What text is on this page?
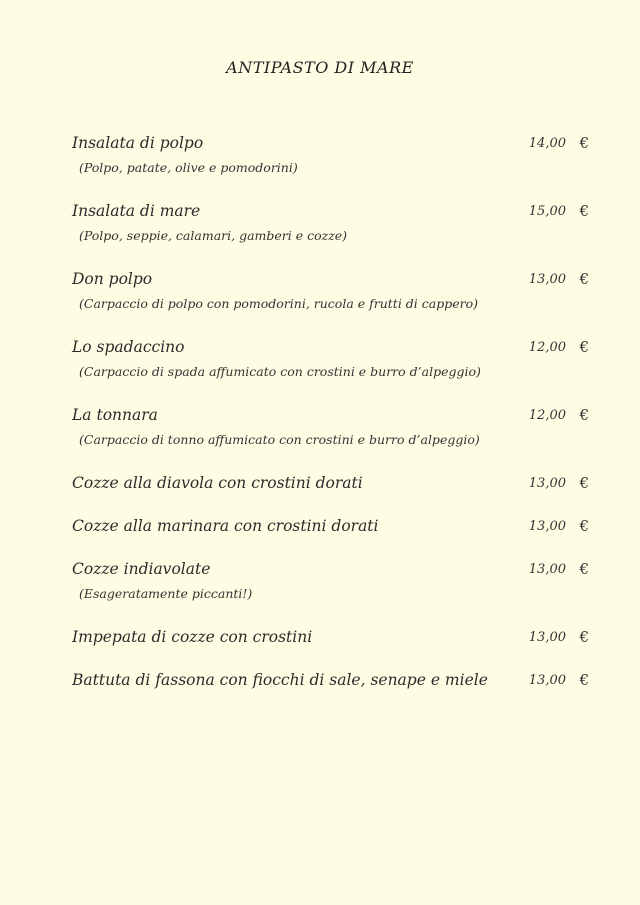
ANTIPASTO DI MARE
Insalata di polpo
(Polpo, patate, olive e pomodorini)
14,00 €
Insalata di mare
(Polpo, seppie, calamari, gamberi e cozze)
15,00 €
Don polpo
(Carpaccio di polpo con pomodorini, rucola e frutti di cappero)
13,00 €
Lo spadaccino
(Carpaccio di spada affumicato con crostini e burro d’alpeggio)
12,00 €
La tonnara
(Carpaccio di tonno affumicato con crostini e burro d’alpeggio)
12,00 €
Cozze alla diavola con crostini dorati	13,00 €
Cozze alla marinara con crostini dorati	13,00 €
Cozze indiavolate
(Esageratamente piccanti!)
13,00 €
Impepata di cozze con crostini	13,00 €
Battuta di fassona con fiocchi di sale, senape e miele	13,00 €
